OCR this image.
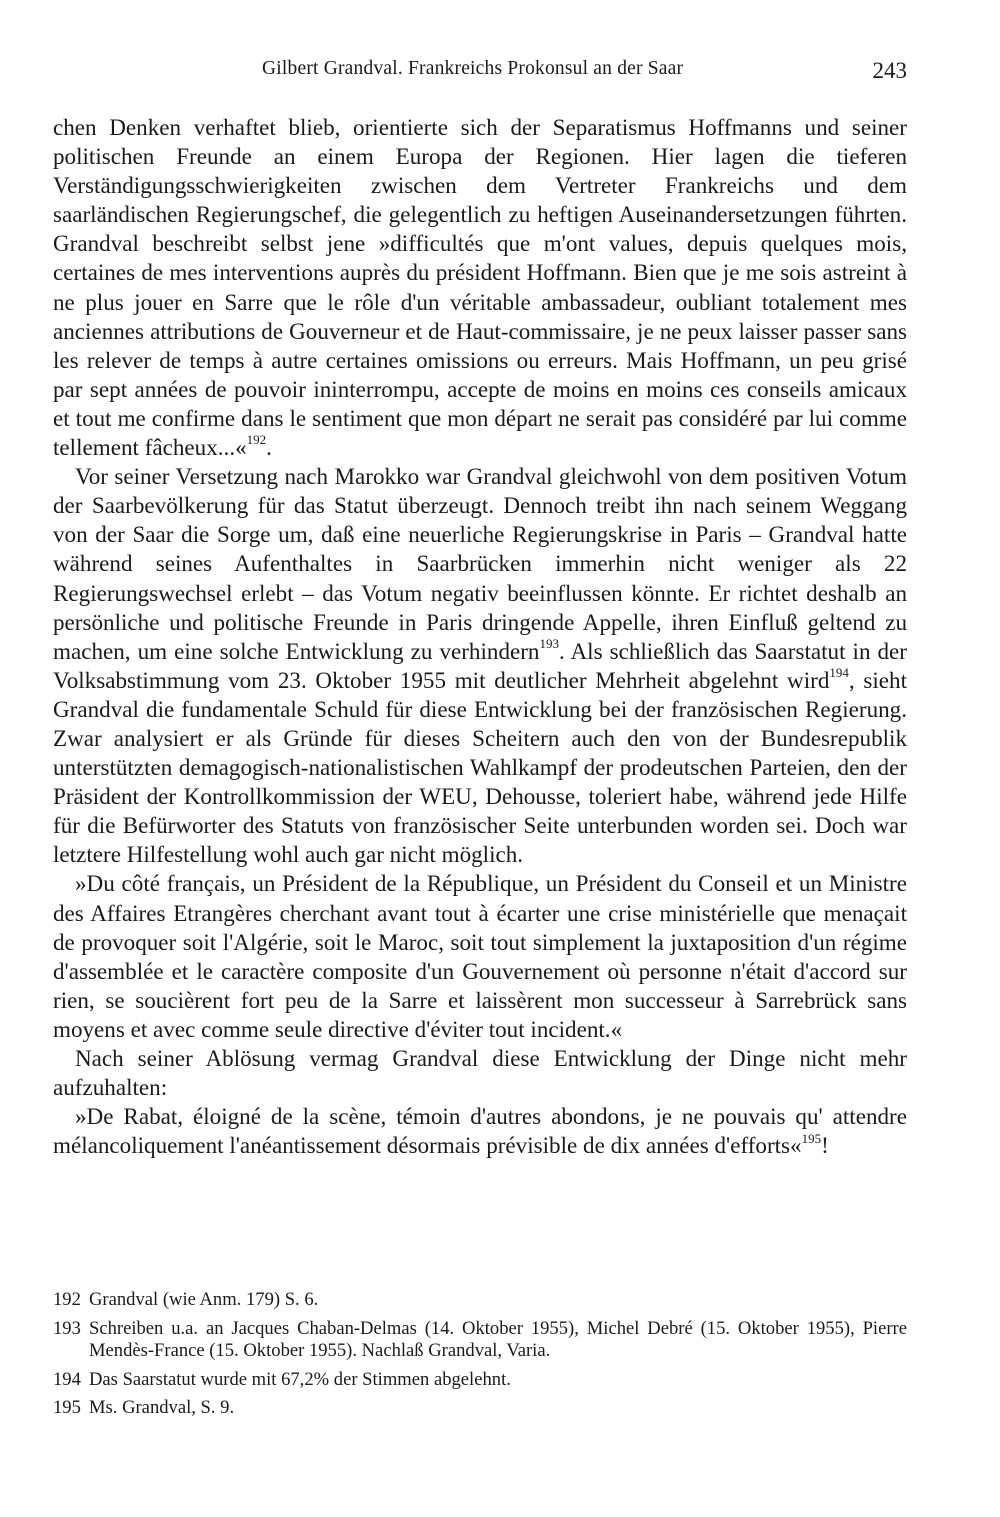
Gilbert Grandval. Frankreichs Prokonsul an der Saar	243

chen Denken verhaftet blieb, orientierte sich der Separatismus Hoffmanns und seiner politischen Freunde an einem Europa der Regionen. Hier lagen die tieferen Verständigungsschwierigkeiten zwischen dem Vertreter Frankreichs und dem saarländischen Regierungschef, die gelegentlich zu heftigen Auseinandersetzungen führten. Grandval beschreibt selbst jene »difficultés que m'ont values, depuis quelques mois, certaines de mes interventions auprès du président Hoffmann. Bien que je me sois astreint à ne plus jouer en Sarre que le rôle d'un véritable ambassadeur, oubliant totalement mes anciennes attributions de Gouverneur et de Haut-commissaire, je ne peux laisser passer sans les relever de temps à autre certaines omissions ou erreurs. Mais Hoffmann, un peu grisé par sept années de pouvoir ininterrompu, accepte de moins en moins ces conseils amicaux et tout me confirme dans le sentiment que mon départ ne serait pas considéré par lui comme tellement fâcheux...«$^{192}$.

Vor seiner Versetzung nach Marokko war Grandval gleichwohl von dem positiven Votum der Saarbevölkerung für das Statut überzeugt. Dennoch treibt ihn nach seinem Weggang von der Saar die Sorge um, daß eine neuerliche Regierungskrise in Paris – Grandval hatte während seines Aufenthaltes in Saarbrücken immerhin nicht weniger als 22 Regierungswechsel erlebt – das Votum negativ beeinflussen könnte. Er richtet deshalb an persönliche und politische Freunde in Paris dringende Appelle, ihren Einfluß geltend zu machen, um eine solche Entwicklung zu verhindern$^{193}$. Als schließlich das Saarstatut in der Volksabstimmung vom 23. Oktober 1955 mit deutlicher Mehrheit abgelehnt wird$^{194}$, sieht Grandval die fundamentale Schuld für diese Entwicklung bei der französischen Regierung. Zwar analysiert er als Gründe für dieses Scheitern auch den von der Bundesrepublik unterstützten demagogisch-nationalistischen Wahlkampf der prodeutschen Parteien, den der Präsident der Kontrollkommission der WEU, Dehousse, toleriert habe, während jede Hilfe für die Befürworter des Statuts von französischer Seite unterbunden worden sei. Doch war letztere Hilfestellung wohl auch gar nicht möglich.

»Du côté français, un Président de la République, un Président du Conseil et un Ministre des Affaires Etrangères cherchant avant tout à écarter une crise ministérielle que menaçait de provoquer soit l'Algérie, soit le Maroc, soit tout simplement la juxtaposition d'un régime d'assemblée et le caractère composite d'un Gouvernement où personne n'était d'accord sur rien, se soucièrent fort peu de la Sarre et laissèrent mon successeur à Sarrebrück sans moyens et avec comme seule directive d'éviter tout incident.«

Nach seiner Ablösung vermag Grandval diese Entwicklung der Dinge nicht mehr aufzuhalten:

»De Rabat, éloigné de la scène, témoin d'autres abondons, je ne pouvais qu' attendre mélancoliquement l'anéantissement désormais prévisible de dix années d'efforts«$^{195}$!

192 Grandval (wie Anm. 179) S. 6.
193 Schreiben u.a. an Jacques Chaban-Delmas (14. Oktober 1955), Michel Debré (15. Oktober 1955), Pierre Mendès-France (15. Oktober 1955). Nachlaß Grandval, Varia.
194 Das Saarstatut wurde mit 67,2% der Stimmen abgelehnt.
195 Ms. Grandval, S. 9.
